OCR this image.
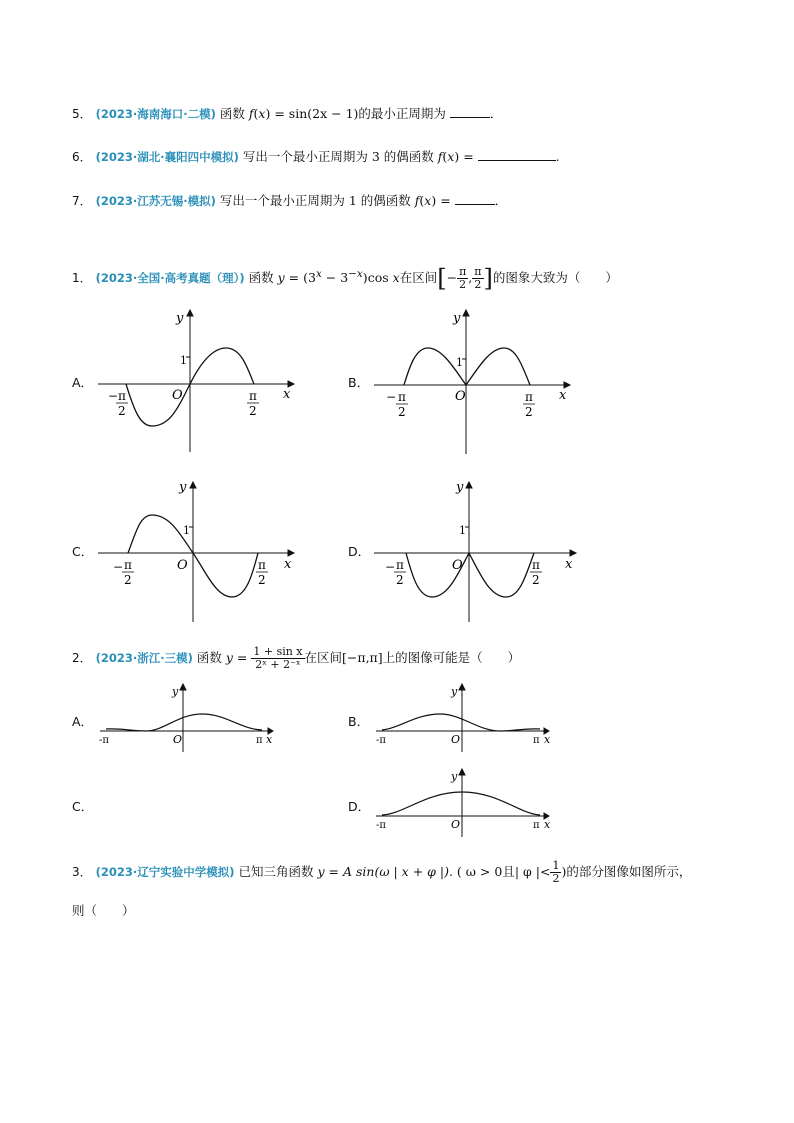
5． (2023·海南海口·二模) 函数 f(x) = sin(2x − 1)的最小正周期为	．
6． (2023·湖北·襄阳四中模拟) 写出一个最小正周期为 3 的偶函数 f(x) =	.
7． (2023·江苏无锡·模拟) 写出一个最小正周期为 1 的偶函数 f(x) =	．
1． (2023·全国·高考真题（理）) 函数 $y = (3^x - 3^{-x})\cos$ x在区间[− $\frac{\pi}{2}$ , $\frac{\pi}{2}$ ]的图象大致为（　　）
A．	B．
C．	D．
y
x
O
1
− π
2
π
2
y
x
O
1
− π
2
π
2
y
x
O
1
− π
2
π
2
y
x
O
1
− π
2
π
2
2． (2023·浙江·三模) 函数 $y = \frac{\text{1 + sin x}}{\text{2ˣ + 2⁻ˣ}}$ 在区间[−π,π]上的图像可能是（　　）
A．	B．
C．	D．
y
x
O
-π	π
y
x
O
-π	π
y
x
O
-π	π
3． (2023·辽宁实验中学模拟) 已知三角函数 y = A sin(ω | x + φ |). ( ω > 0且| φ |< $\frac{1}{2}$ )的部分图像如图所示，
则（　　）
